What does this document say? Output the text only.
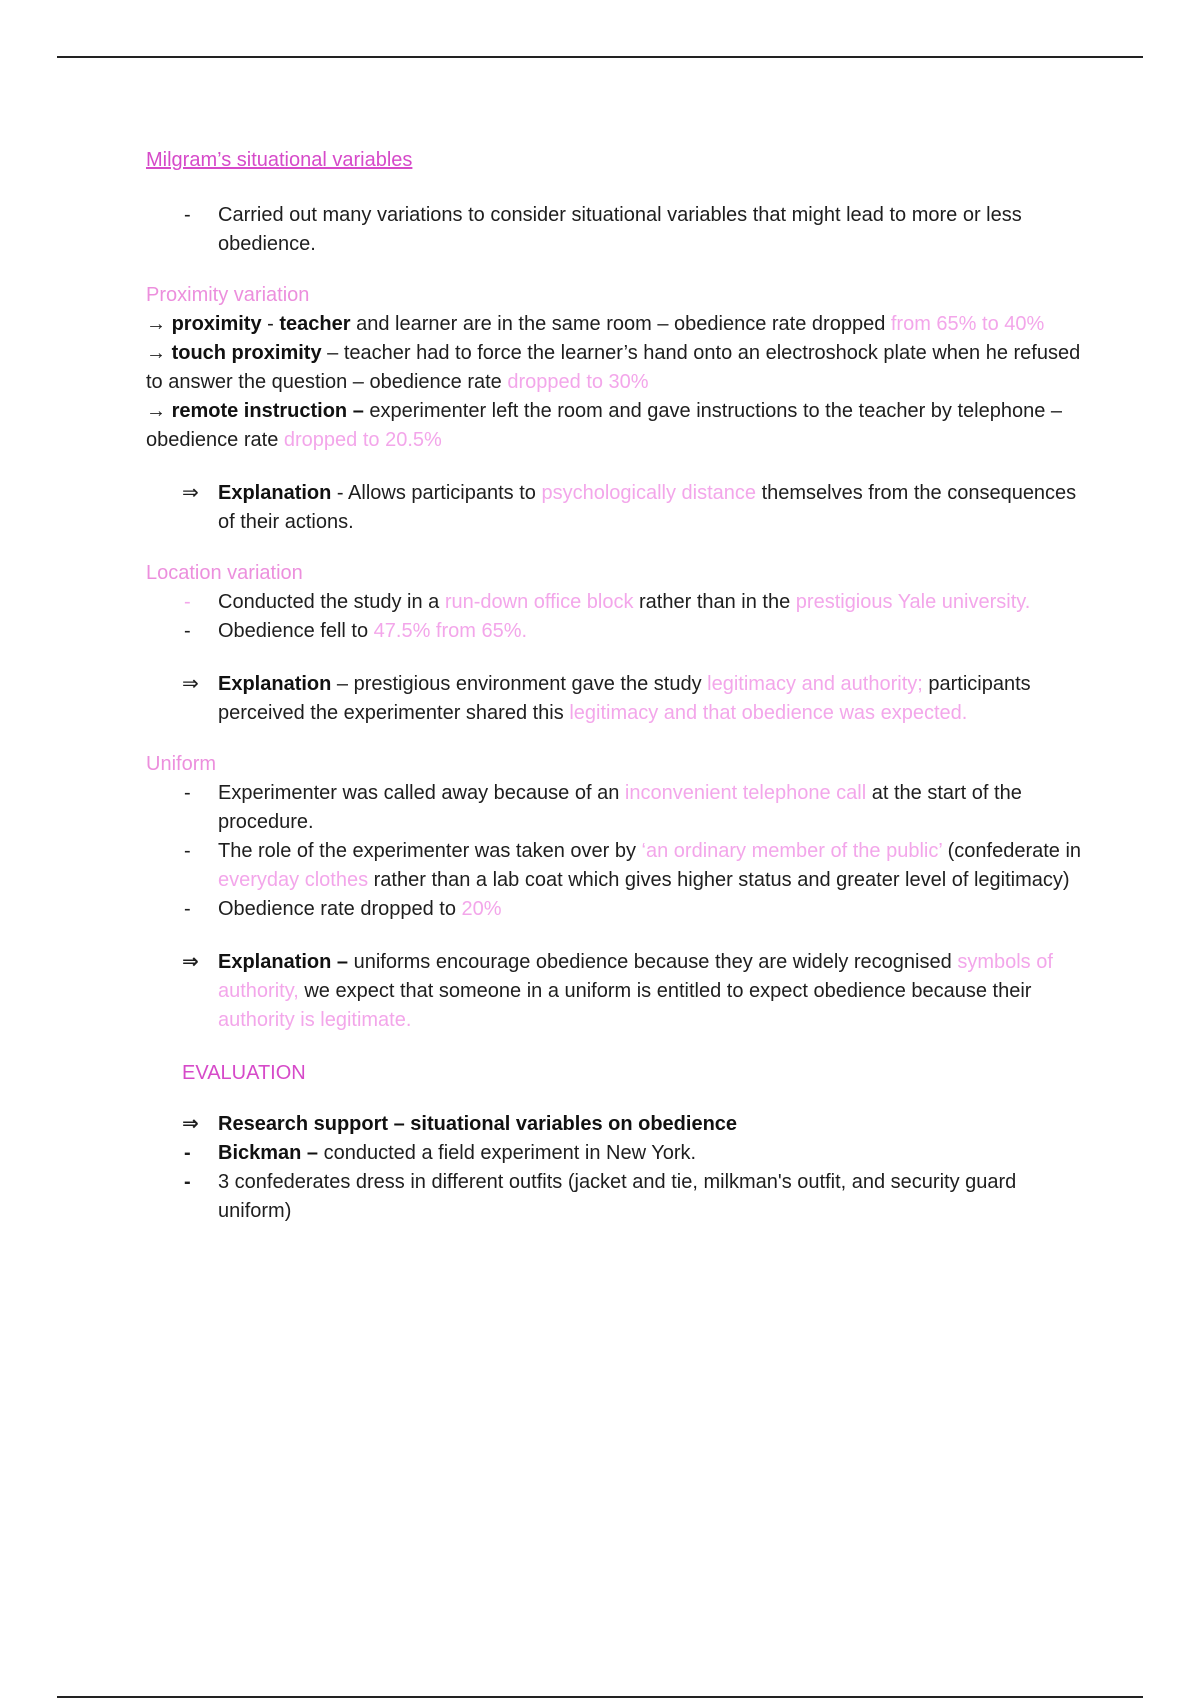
Milgram’s situational variables

-	Carried out many variations to consider situational variables that might lead to more or less obedience.

Proximity variation

→ proximity - teacher and learner are in the same room – obedience rate dropped from 65% to 40%

→ touch proximity – teacher had to force the learner’s hand onto an electroshock plate when he refused to answer the question – obedience rate dropped to 30%

→ remote instruction – experimenter left the room and gave instructions to the teacher by telephone – obedience rate dropped to 20.5%

⇒ Explanation - Allows participants to psychologically distance themselves from the consequences of their actions.

Location variation

-	Conducted the study in a run-down office block rather than in the prestigious Yale university.

-	Obedience fell to 47.5% from 65%.

⇒ Explanation – prestigious environment gave the study legitimacy and authority; participants perceived the experimenter shared this legitimacy and that obedience was expected.

Uniform

-	Experimenter was called away because of an inconvenient telephone call at the start of the procedure.

-	The role of the experimenter was taken over by ‘an ordinary member of the public’ (confederate in everyday clothes rather than a lab coat which gives higher status and greater level of legitimacy)

-	Obedience rate dropped to 20%

⇒ Explanation – uniforms encourage obedience because they are widely recognised symbols of authority, we expect that someone in a uniform is entitled to expect obedience because their authority is legitimate.

EVALUATION

⇒ Research support – situational variables on obedience

-	Bickman – conducted a field experiment in New York.

-	3 confederates dress in different outfits (jacket and tie, milkman's outfit, and security guard uniform)
